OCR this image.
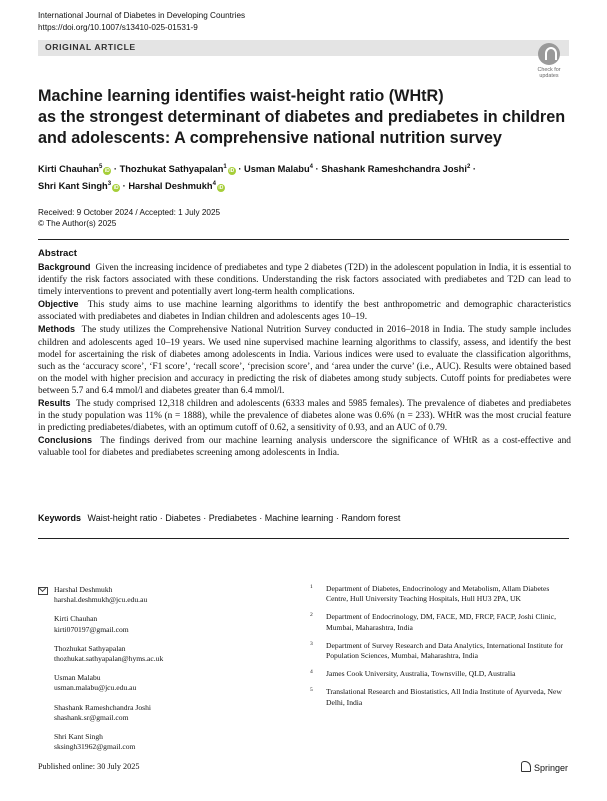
International Journal of Diabetes in Developing Countries
https://doi.org/10.1007/s13410-025-01531-9
ORIGINAL ARTICLE
Check for
updates
Machine learning identifies waist-height ratio (WHtR)
as the strongest determinant of diabetes and prediabetes in children
and adolescents: A comprehensive national nutrition survey
Kirti Chauhan$^5$iD · Thozhukat Sathyapalan$^1$iD · Usman Malabu$^4$ · Shashank Rameshchandra Joshi$^2$ ·
Shri Kant Singh$^3$iD · Harshal Deshmukh$^4$iD
Received: 9 October 2024 / Accepted: 1 July 2025
© The Author(s) 2025
Abstract

Background Given the increasing incidence of prediabetes and type 2 diabetes (T2D) in the adolescent population in India, it is essential to identify the risk factors associated with these conditions. Understanding the risk factors associated with prediabetes and T2D can lead to timely interventions to prevent and potentially avert long-term health complications.

Objective This study aims to use machine learning algorithms to identify the best anthropometric and demographic characteristics associated with prediabetes and diabetes in Indian children and adolescents ages 10–19.

Methods The study utilizes the Comprehensive National Nutrition Survey conducted in 2016–2018 in India. The study sample includes children and adolescents aged 10–19 years. We used nine supervised machine learning algorithms to classify, assess, and identify the best model for ascertaining the risk of diabetes among adolescents in India. Various indices were used to evaluate the classification algorithms, such as the ‘accuracy score’, ‘F1 score’, ‘recall score’, ‘precision score’, and ‘area under the curve’ (i.e., AUC). Results were obtained based on the model with higher precision and accuracy in predicting the risk of diabetes among study subjects. Cutoff points for prediabetes were between 5.7 and 6.4 mmol/l and diabetes greater than 6.4 mmol/l.

Results The study comprised 12,318 children and adolescents (6333 males and 5985 females). The prevalence of diabetes and prediabetes in the study population was 11% (n = 1888), while the prevalence of diabetes alone was 0.6% (n = 233). WHtR was the most crucial feature in predicting prediabetes/diabetes, with an optimum cutoff of 0.62, a sensitivity of 0.93, and an AUC of 0.79.

Conclusions The findings derived from our machine learning analysis underscore the significance of WHtR as a cost-effective and valuable tool for diabetes and prediabetes screening among adolescents in India.

Keywords Waist-height ratio · Diabetes · Prediabetes · Machine learning · Random forest
Harshal Deshmukh
harshal.deshmukh@jcu.edu.au
Kirti Chauhan
kirti070197@gmail.com
Thozhukat Sathyapalan
thozhukat.sathyapalan@hyms.ac.uk
Usman Malabu
usman.malabu@jcu.edu.au
Shashank Rameshchandra Joshi
shashank.sr@gmail.com
Shri Kant Singh
sksingh31962@gmail.com
1 Department of Diabetes, Endocrinology and Metabolism, Allam Diabetes Centre, Hull University Teaching Hospitals, Hull HU3 2PA, UK
2 Department of Endocrinology, DM, FACE, MD, FRCP, FACP, Joshi Clinic, Mumbai, Maharashtra, India
3 Department of Survey Research and Data Analytics, International Institute for Population Sciences, Mumbai, Maharashtra, India
4 James Cook University, Australia, Townsville, QLD, Australia
5 Translational Research and Biostatistics, All India Institute of Ayurveda, New Delhi, India
Published online: 30 July 2025	Springer
